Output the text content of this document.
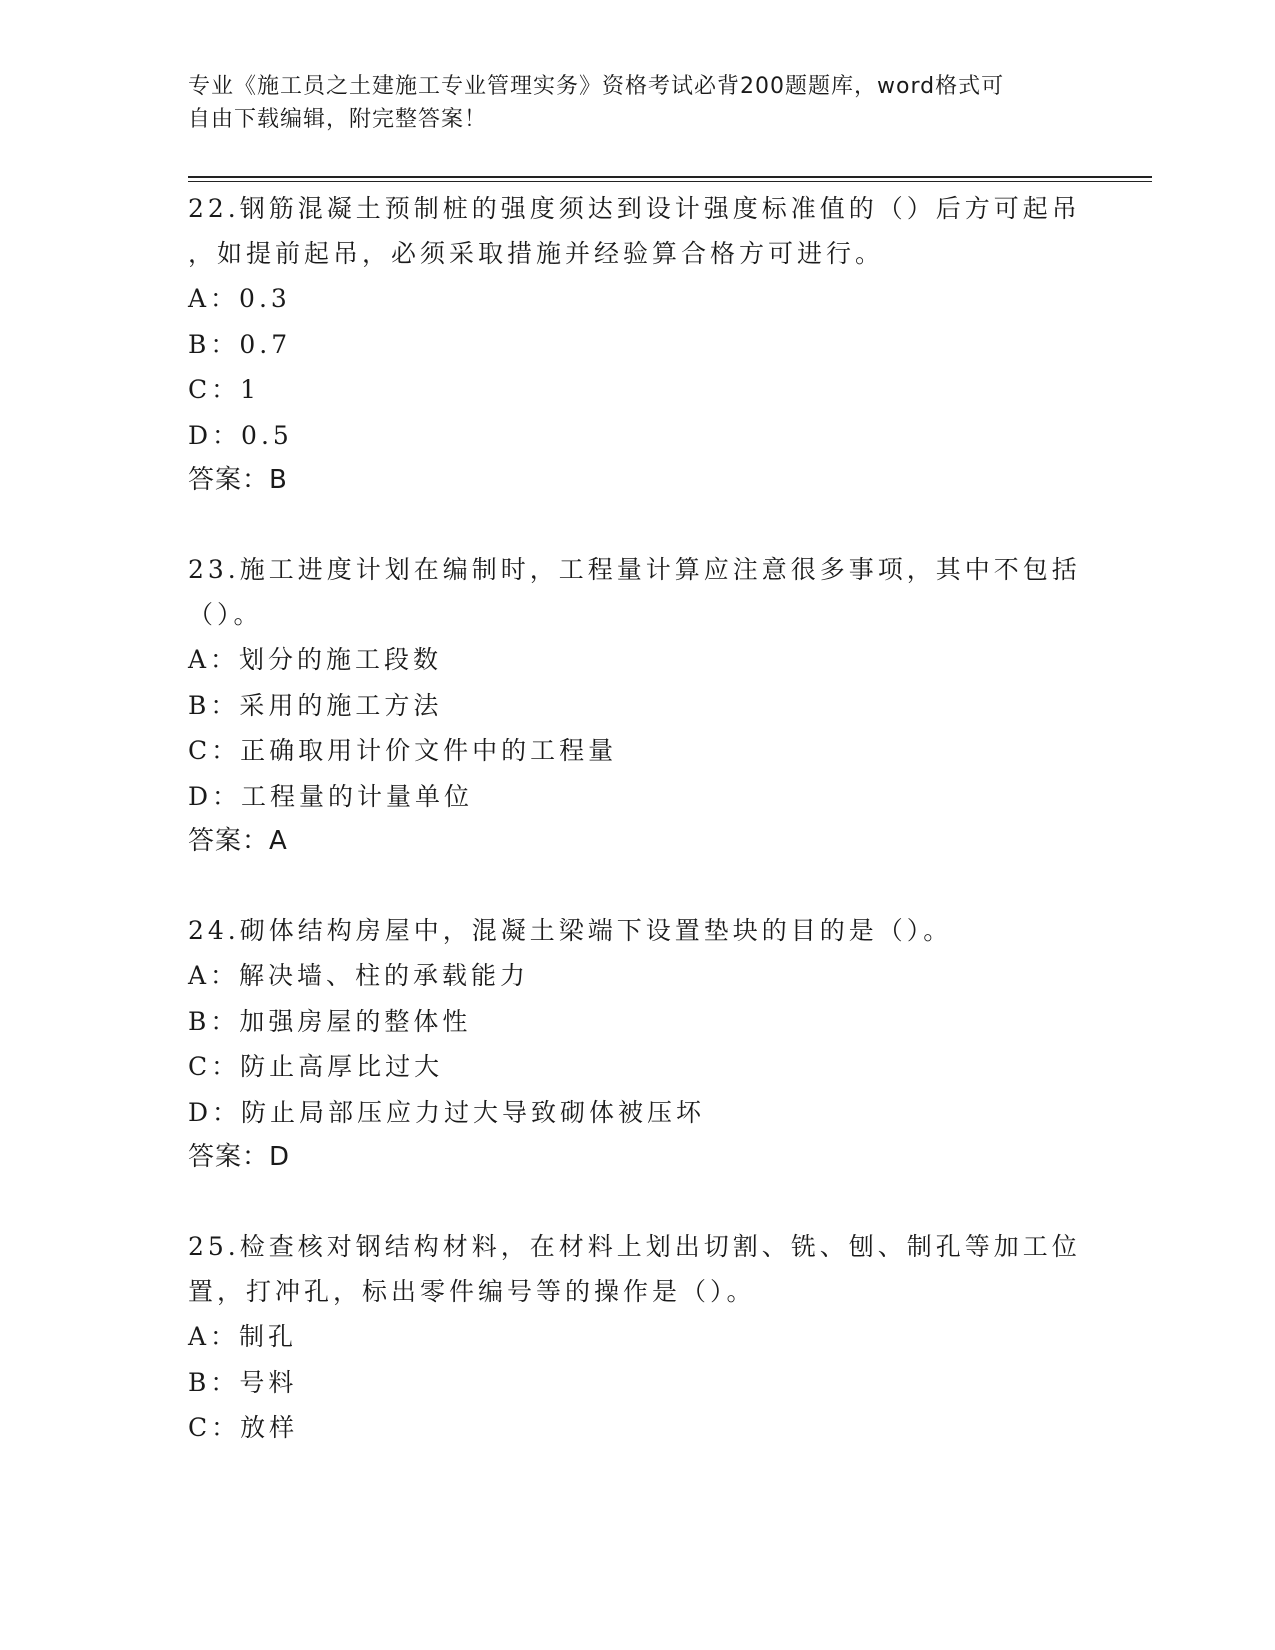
专业《施工员之土建施工专业管理实务》资格考试必背200题题库，word格式可
自由下载编辑，附完整答案！
22.钢筋混凝土预制桩的强度须达到设计强度标准值的（）后方可起吊
，如提前起吊，必须采取措施并经验算合格方可进行。
A：0.3
B：0.7
C：1
D：0.5
答案：B
23.施工进度计划在编制时，工程量计算应注意很多事项，其中不包括
（）。
A：划分的施工段数
B：采用的施工方法
C：正确取用计价文件中的工程量
D：工程量的计量单位
答案：A
24.砌体结构房屋中，混凝土梁端下设置垫块的目的是（）。
A：解决墙、柱的承载能力
B：加强房屋的整体性
C：防止高厚比过大
D：防止局部压应力过大导致砌体被压坏
答案：D
25.检查核对钢结构材料，在材料上划出切割、铣、刨、制孔等加工位
置，打冲孔，标出零件编号等的操作是（）。
A：制孔
B：号料
C：放样
